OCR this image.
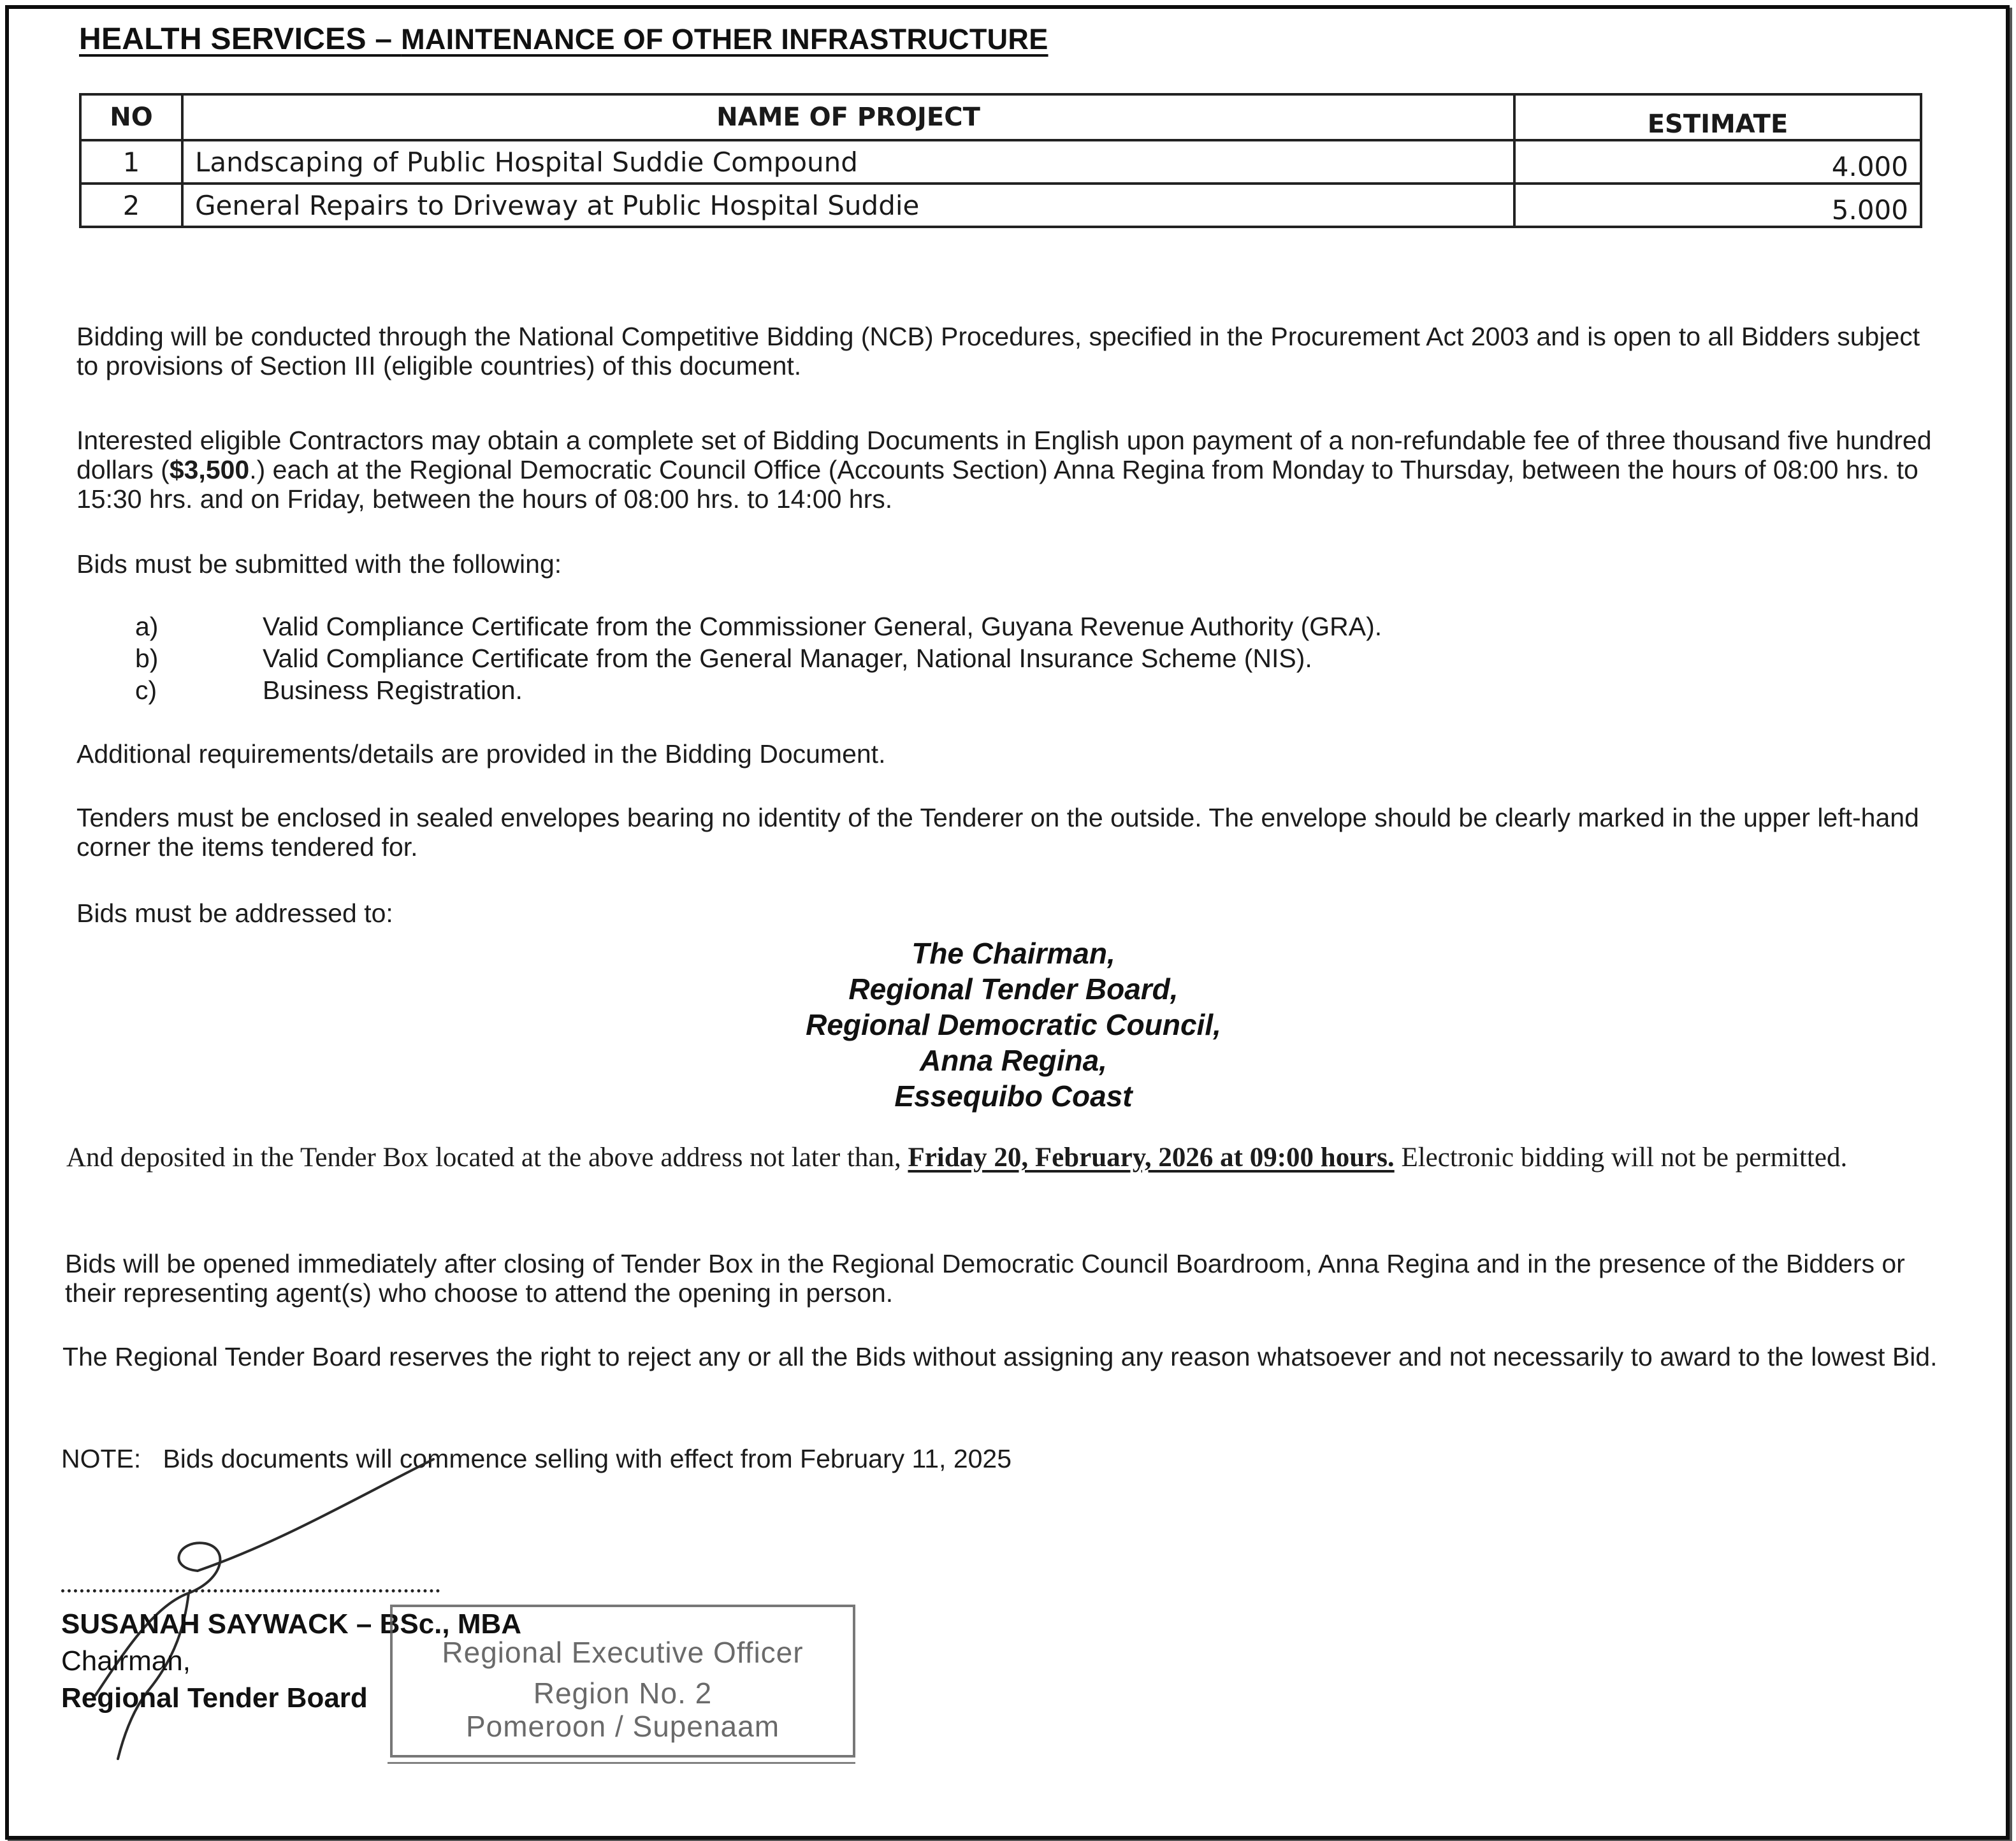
HEALTH SERVICES – MAINTENANCE OF OTHER INFRASTRUCTURE
NO	NAME OF PROJECT	ESTIMATE
1	Landscaping of Public Hospital Suddie Compound	4.000
2	General Repairs to Driveway at Public Hospital Suddie	5.000
Bidding will be conducted through the National Competitive Bidding (NCB) Procedures, specified in the Procurement Act 2003 and is open to all Bidders subject to provisions of Section III (eligible countries) of this document.
Interested eligible Contractors may obtain a complete set of Bidding Documents in English upon payment of a non-refundable fee of three thousand five hundred dollars ($3,500.) each at the Regional Democratic Council Office (Accounts Section) Anna Regina from Monday to Thursday, between the hours of 08:00 hrs. to 15:30 hrs. and on Friday, between the hours of 08:00 hrs. to 14:00 hrs.
Bids must be submitted with the following:
a)	Valid Compliance Certificate from the Commissioner General, Guyana Revenue Authority (GRA).
b)	Valid Compliance Certificate from the General Manager, National Insurance Scheme (NIS).
c)	Business Registration.
Additional requirements/details are provided in the Bidding Document.
Tenders must be enclosed in sealed envelopes bearing no identity of the Tenderer on the outside. The envelope should be clearly marked in the upper left-hand corner the items tendered for.
Bids must be addressed to:
The Chairman,
Regional Tender Board,
Regional Democratic Council,
Anna Regina,
Essequibo Coast
And deposited in the Tender Box located at the above address not later than, Friday 20, February, 2026 at 09:00 hours. Electronic bidding will not be permitted.
Bids will be opened immediately after closing of Tender Box in the Regional Democratic Council Boardroom, Anna Regina and in the presence of the Bidders or their representing agent(s) who choose to attend the opening in person.
The Regional Tender Board reserves the right to reject any or all the Bids without assigning any reason whatsoever and not necessarily to award to the lowest Bid.
NOTE:   Bids documents will commence selling with effect from February 11, 2025
SUSANAH SAYWACK – BSc., MBA
Chairman,
Regional Tender Board
Regional Executive Officer
Region No. 2
Pomeroon / Supenaam
